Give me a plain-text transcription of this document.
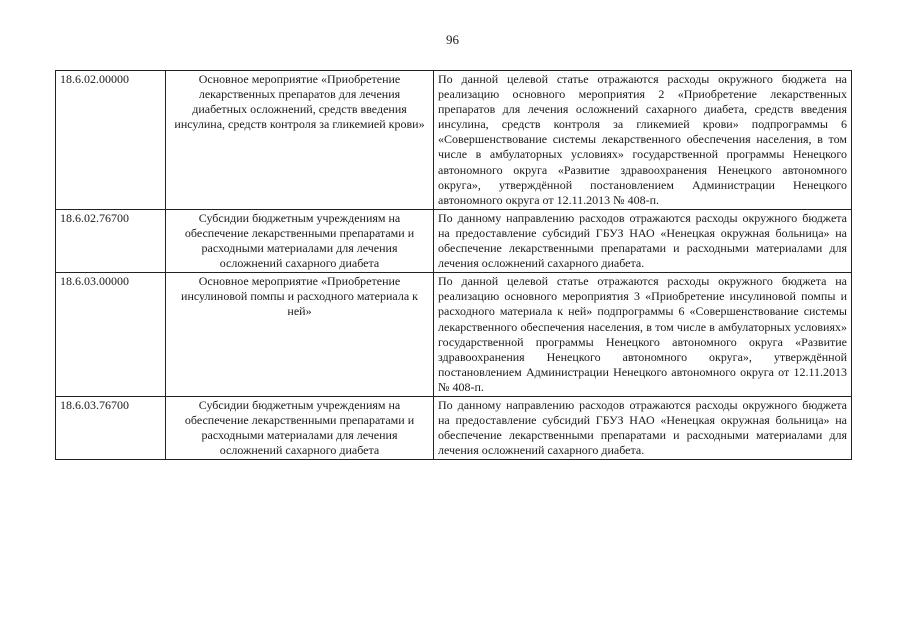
96
18.6.02.00000	Основное мероприятие «Приобретение лекарственных препаратов для лечения диабетных осложнений, средств введения инсулина, средств контроля за гликемией крови»	По данной целевой статье отражаются расходы окружного бюджета на реализацию основного мероприятия 2 «Приобретение лекарственных препаратов для лечения осложнений сахарного диабета, средств введения инсулина, средств контроля за гликемией крови» подпрограммы 6 «Совершенствование системы лекарственного обеспечения населения, в том числе в амбулаторных условиях» государственной программы Ненецкого автономного округа «Развитие здравоохранения Ненецкого автономного округа», утверждённой постановлением Администрации Ненецкого автономного округа от 12.11.2013 № 408-п.
18.6.02.76700	Субсидии бюджетным учреждениям на обеспечение лекарственными препаратами и расходными материалами для лечения осложнений сахарного диабета	По данному направлению расходов отражаются расходы окружного бюджета на предоставление субсидий ГБУЗ НАО «Ненецкая окружная больница» на обеспечение лекарственными препаратами и расходными материалами для лечения осложнений сахарного диабета.
18.6.03.00000	Основное мероприятие «Приобретение инсулиновой помпы и расходного материала к ней»	По данной целевой статье отражаются расходы окружного бюджета на реализацию основного мероприятия 3 «Приобретение инсулиновой помпы и расходного материала к ней» подпрограммы 6 «Совершенствование системы лекарственного обеспечения населения, в том числе в амбулаторных условиях» государственной программы Ненецкого автономного округа «Развитие здравоохранения Ненецкого автономного округа», утверждённой постановлением Администрации Ненецкого автономного округа от 12.11.2013 № 408-п.
18.6.03.76700	Субсидии бюджетным учреждениям на обеспечение лекарственными препаратами и расходными материалами для лечения осложнений сахарного диабета	По данному направлению расходов отражаются расходы окружного бюджета на предоставление субсидий ГБУЗ НАО «Ненецкая окружная больница» на обеспечение лекарственными препаратами и расходными материалами для лечения осложнений сахарного диабета.
